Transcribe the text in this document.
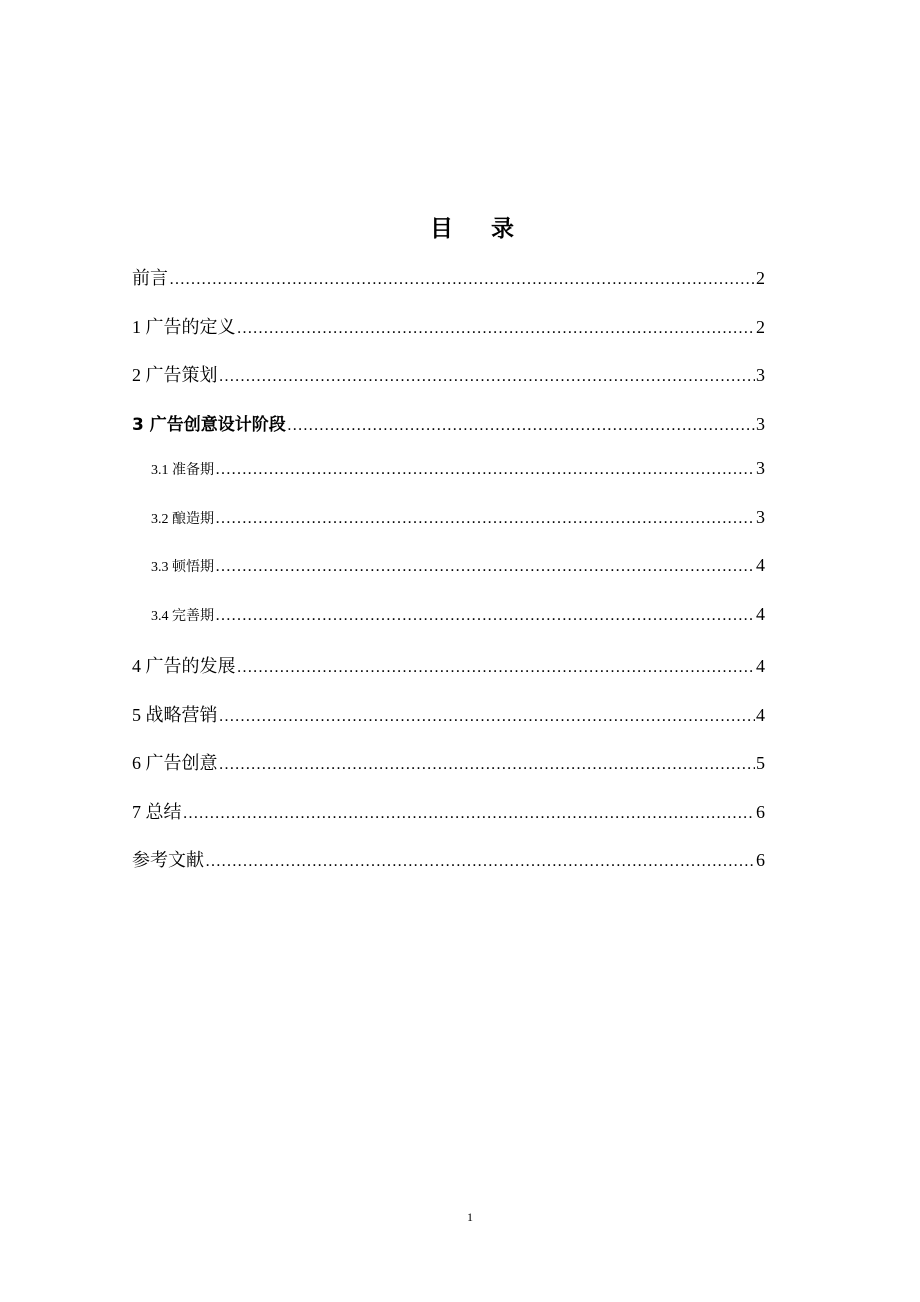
目 录
前言 ………………………………………………………………………………………………………………………………	2
1 广告的定义 ………………………………………………………………………………………………………………………………	2
2 广告策划 ………………………………………………………………………………………………………………………………	3
3 广告创意设计阶段 ………………………………………………………………………………………………………………………………	3
3.1 准备期 ………………………………………………………………………………………………………………………………	3
3.2 酿造期 ………………………………………………………………………………………………………………………………	3
3.3 顿悟期 ………………………………………………………………………………………………………………………………	4
3.4 完善期 ………………………………………………………………………………………………………………………………	4
4 广告的发展 ………………………………………………………………………………………………………………………………	4
5 战略营销 ………………………………………………………………………………………………………………………………	4
6 广告创意 ………………………………………………………………………………………………………………………………	5
7 总结 ………………………………………………………………………………………………………………………………	6
参考文献 ………………………………………………………………………………………………………………………………	6
1
